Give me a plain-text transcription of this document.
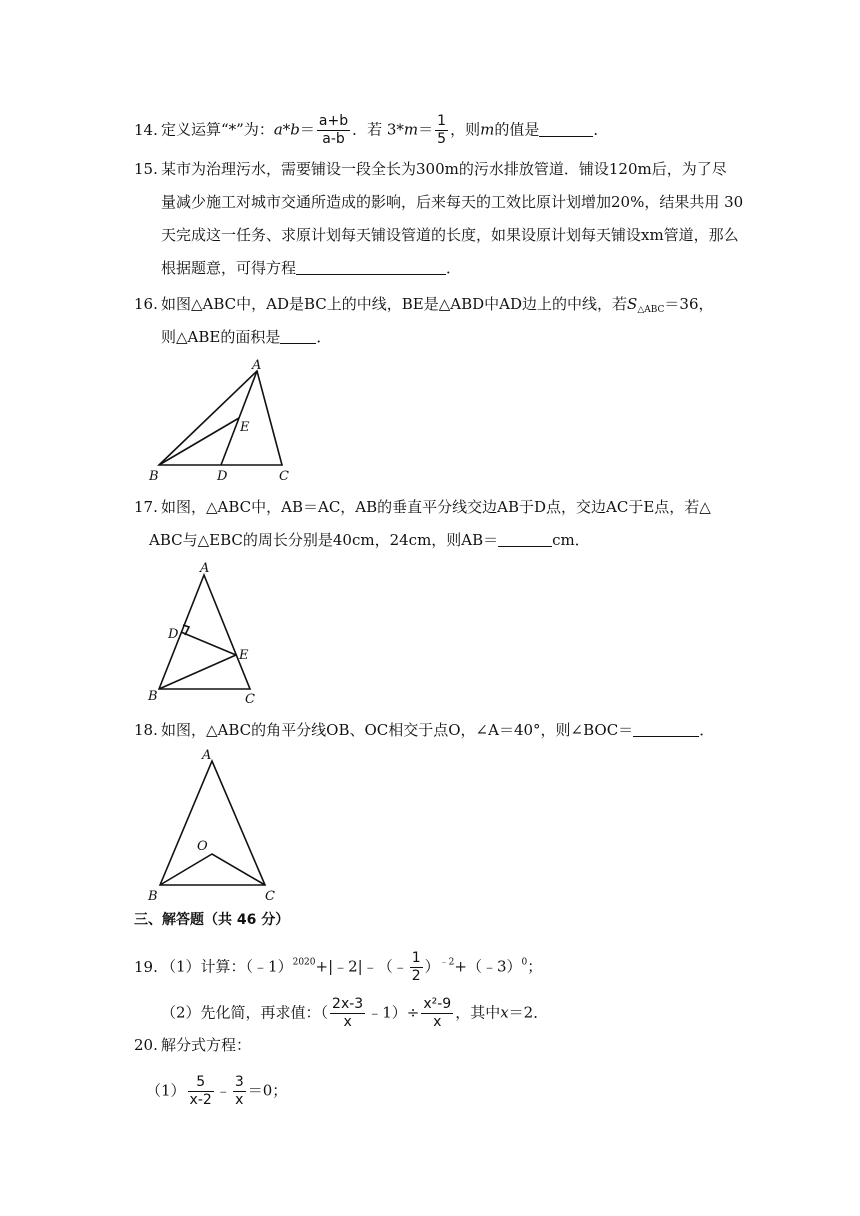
14. 定义运算“*”为：$a*b= \frac{a+b}{a-b}$ ．若 $3*m= \frac{1}{5}$ ，则m的值是	．
15. 某市为治理污水，需要铺设一段全长为300m的污水排放管道．铺设120m后，为了尽
量减少施工对城市交通所造成的影响，后来每天的工效比原计划增加20%，结果共用 30
天完成这一任务、求原计划每天铺设管道的长度，如果设原计划每天铺设xm管道，那么
根据题意，可得方程	．
16. 如图△ABC中，AD是BC上的中线，BE是△ABD中AD边上的中线，若$S_{\triangle ABC}=36$，
则△ABE的面积是 ．
A
B	C
D
E
17. 如图，△ABC中，AB＝AC，AB的垂直平分线交边AB于D点，交边AC于E点，若△
ABC与△EBC的周长分别是40cm，24cm，则AB＝	cm．
A
B	C
D
E
18. 如图，△ABC的角平分线OB、OC相交于点O，∠A＝40°，则∠BOC＝	．
A
B	C
O
三、解答题（共 46 分）
19. （1）计算：（﹣1）$^{2020}$+|﹣2|﹣（﹣ $\frac{1}{2}$ ）$^{﹣2}$+（﹣3）$^0$；
（2）先化简，再求值：（ $\frac{2x-3}{x}$ ﹣1）÷ $\frac{\text{x²-9}}{x}$ ，其中x＝2．
20. 解分式方程：
$(1) \frac{5}{x-2}$ ﹣ $\frac{3}{x} =0$；
